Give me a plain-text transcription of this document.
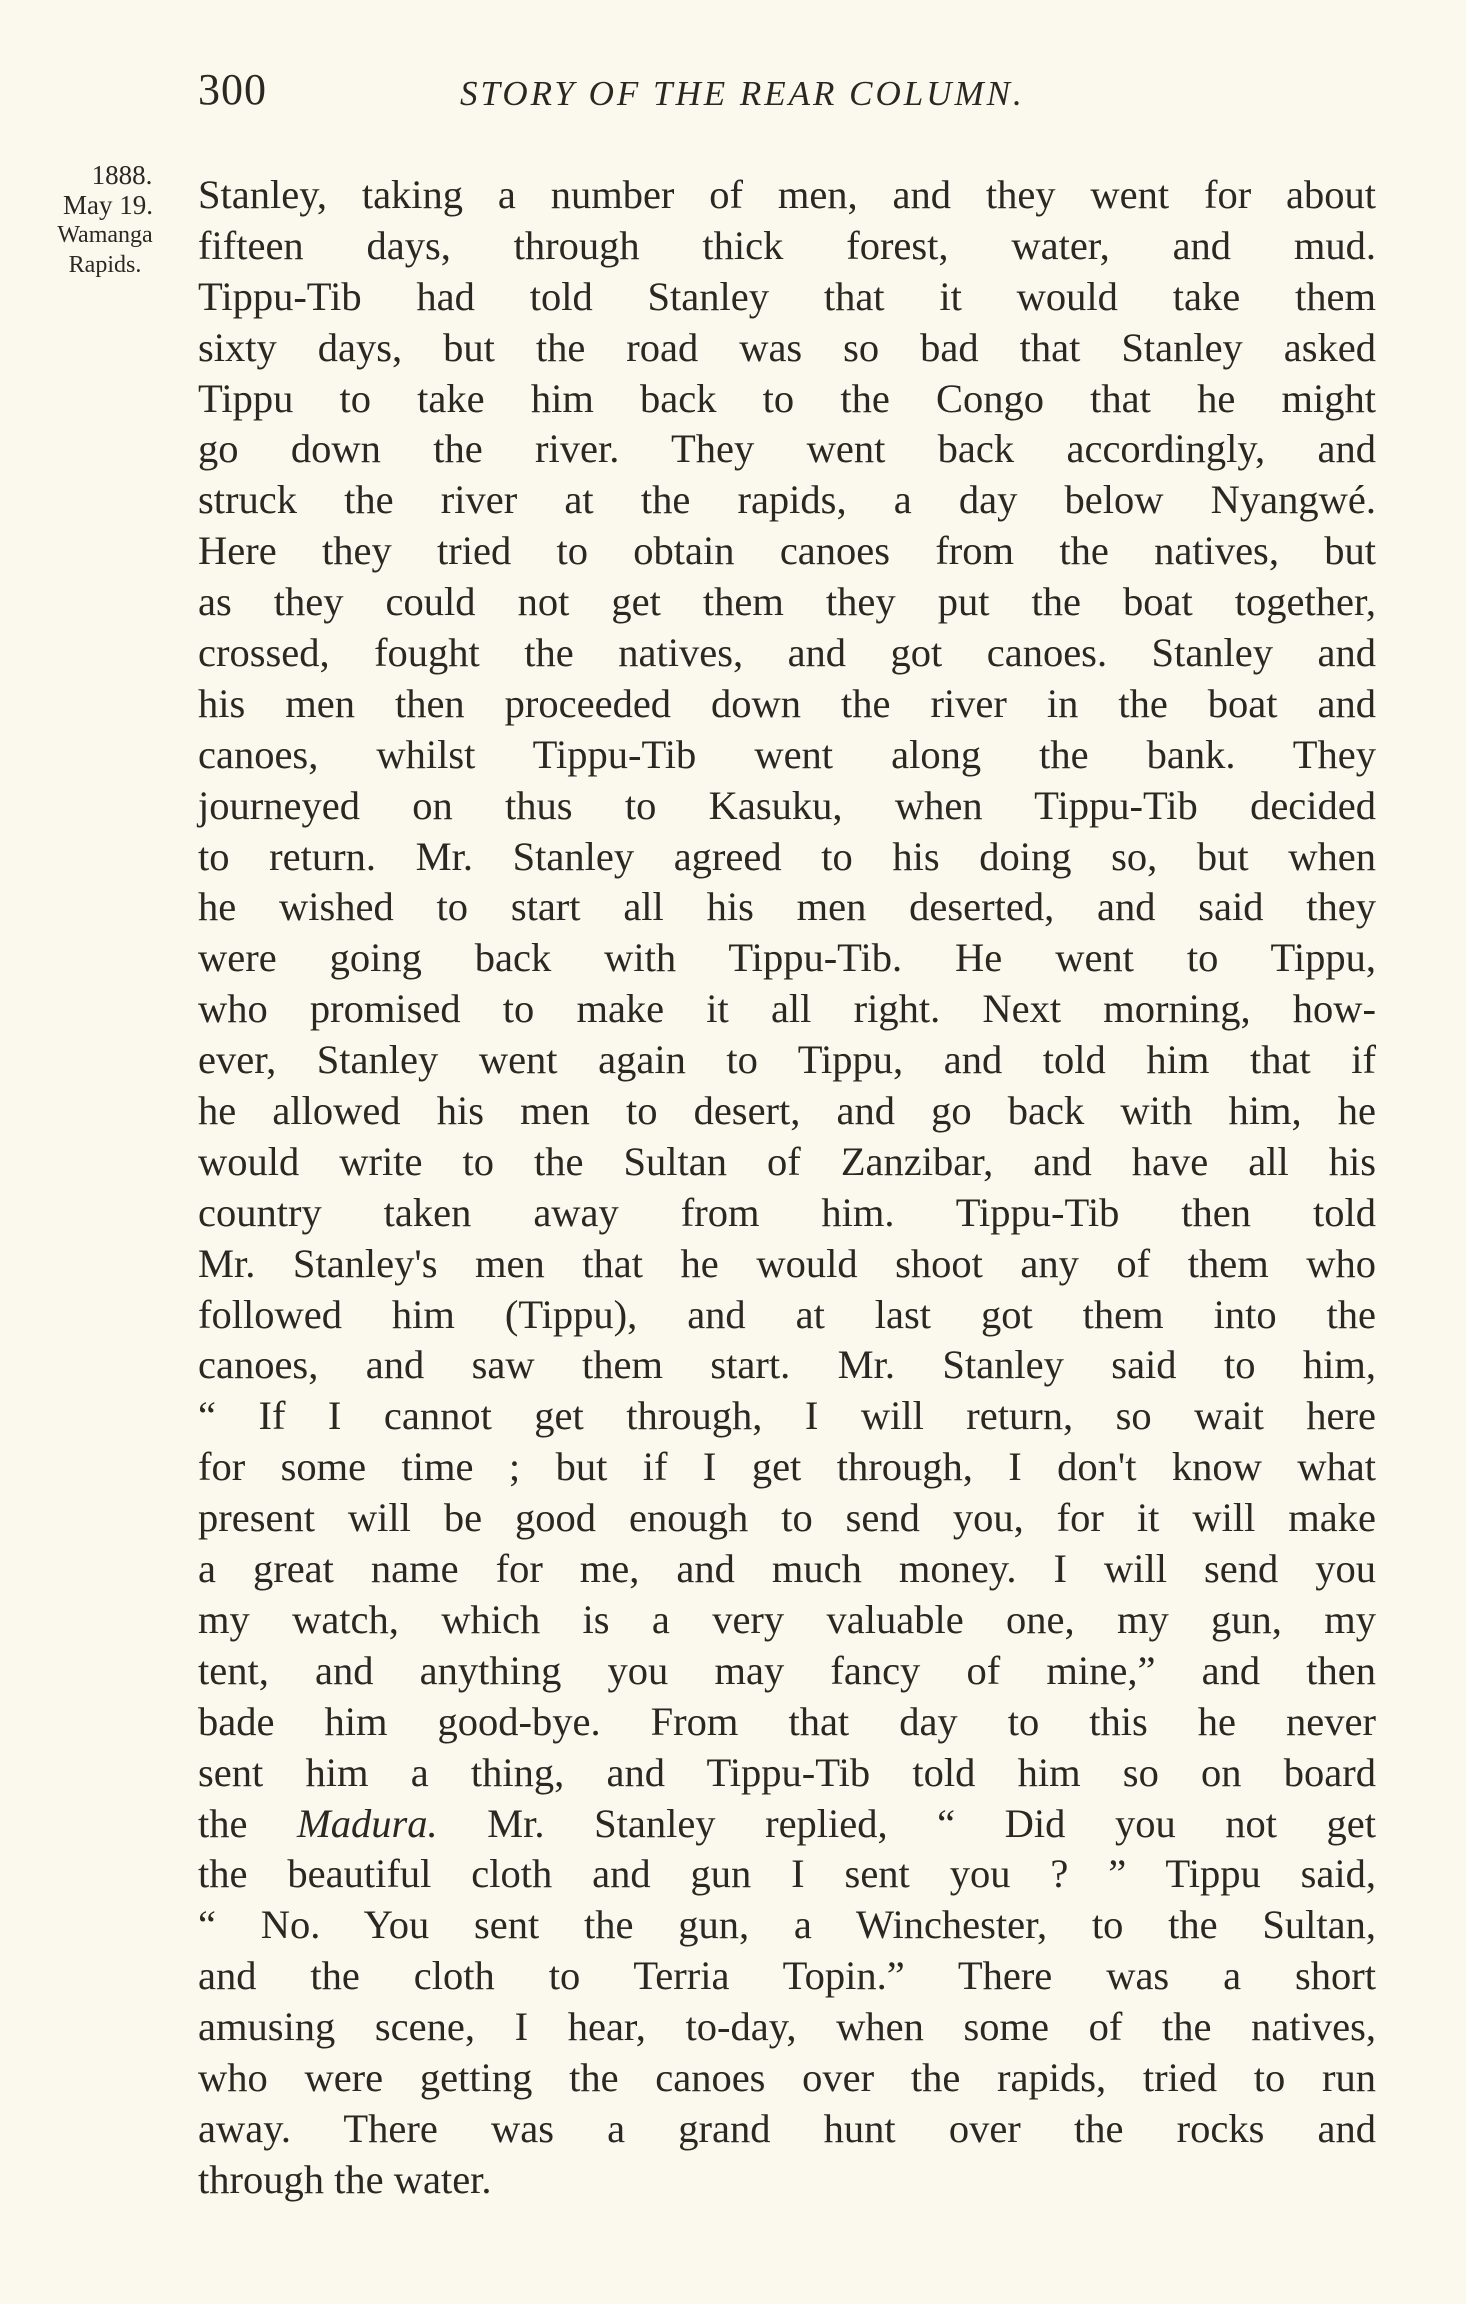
300	STORY OF THE REAR COLUMN.
1888.
May 19.
Wamanga
Rapids.
Stanley, taking a number of men, and they went for about
fifteen days, through thick forest, water, and mud.
Tippu-Tib had told Stanley that it would take them
sixty days, but the road was so bad that Stanley asked
Tippu to take him back to the Congo that he might
go down the river. They went back accordingly, and
struck the river at the rapids, a day below Nyangwé.
Here they tried to obtain canoes from the natives, but
as they could not get them they put the boat together,
crossed, fought the natives, and got canoes. Stanley and
his men then proceeded down the river in the boat and
canoes, whilst Tippu-Tib went along the bank. They
journeyed on thus to Kasuku, when Tippu-Tib decided
to return. Mr. Stanley agreed to his doing so, but when
he wished to start all his men deserted, and said they
were going back with Tippu-Tib. He went to Tippu,
who promised to make it all right. Next morning, how-
ever, Stanley went again to Tippu, and told him that if
he allowed his men to desert, and go back with him, he
would write to the Sultan of Zanzibar, and have all his
country taken away from him. Tippu-Tib then told
Mr. Stanley's men that he would shoot any of them who
followed him (Tippu), and at last got them into the
canoes, and saw them start. Mr. Stanley said to him,
“ If I cannot get through, I will return, so wait here
for some time ; but if I get through, I don't know what
present will be good enough to send you, for it will make
a great name for me, and much money. I will send you
my watch, which is a very valuable one, my gun, my
tent, and anything you may fancy of mine,” and then
bade him good-bye. From that day to this he never
sent him a thing, and Tippu-Tib told him so on board
the Madura. Mr. Stanley replied, “ Did you not get
the beautiful cloth and gun I sent you ? ” Tippu said,
“ No. You sent the gun, a Winchester, to the Sultan,
and the cloth to Terria Topin.” There was a short
amusing scene, I hear, to-day, when some of the natives,
who were getting the canoes over the rapids, tried to run
away. There was a grand hunt over the rocks and
through the water.
